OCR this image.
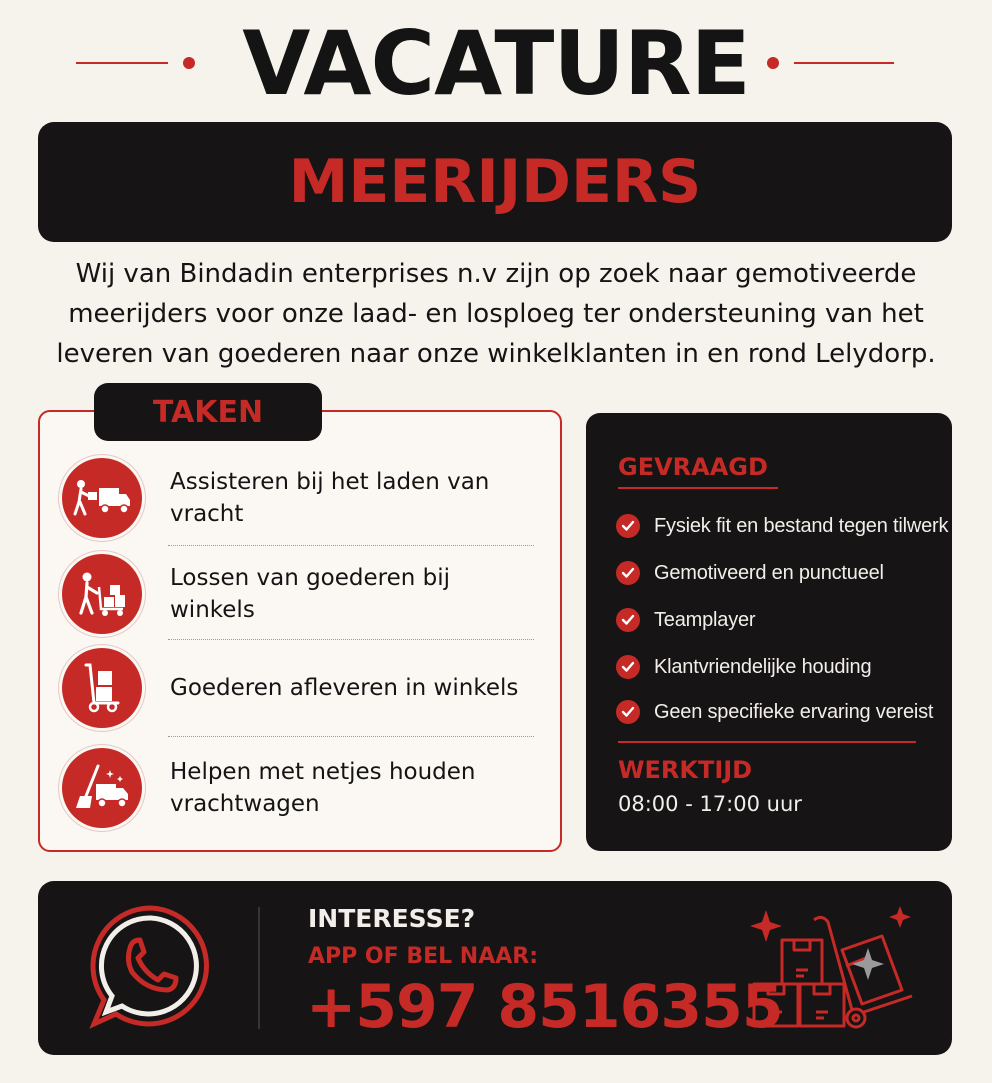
VACATURE
MEERIJDERS
Wij van Bindadin enterprises n.v zijn op zoek naar gemotiveerde
meerijders voor onze laad- en losploeg ter ondersteuning van het
leveren van goederen naar onze winkelklanten in en rond Lelydorp.
TAKEN
Assisteren bij het laden van vracht
Lossen van goederen bij winkels
Goederen afleveren in winkels
Helpen met netjes houden
vrachtwagen
GEVRAAGD
Fysiek fit en bestand tegen tilwerk
Gemotiveerd en punctueel
Teamplayer
Klantvriendelijke houding
Geen specifieke ervaring vereist
WERKTIJD
08:00 - 17:00 uur
INTERESSE?
APP OF BEL NAAR:
+597 8516355
